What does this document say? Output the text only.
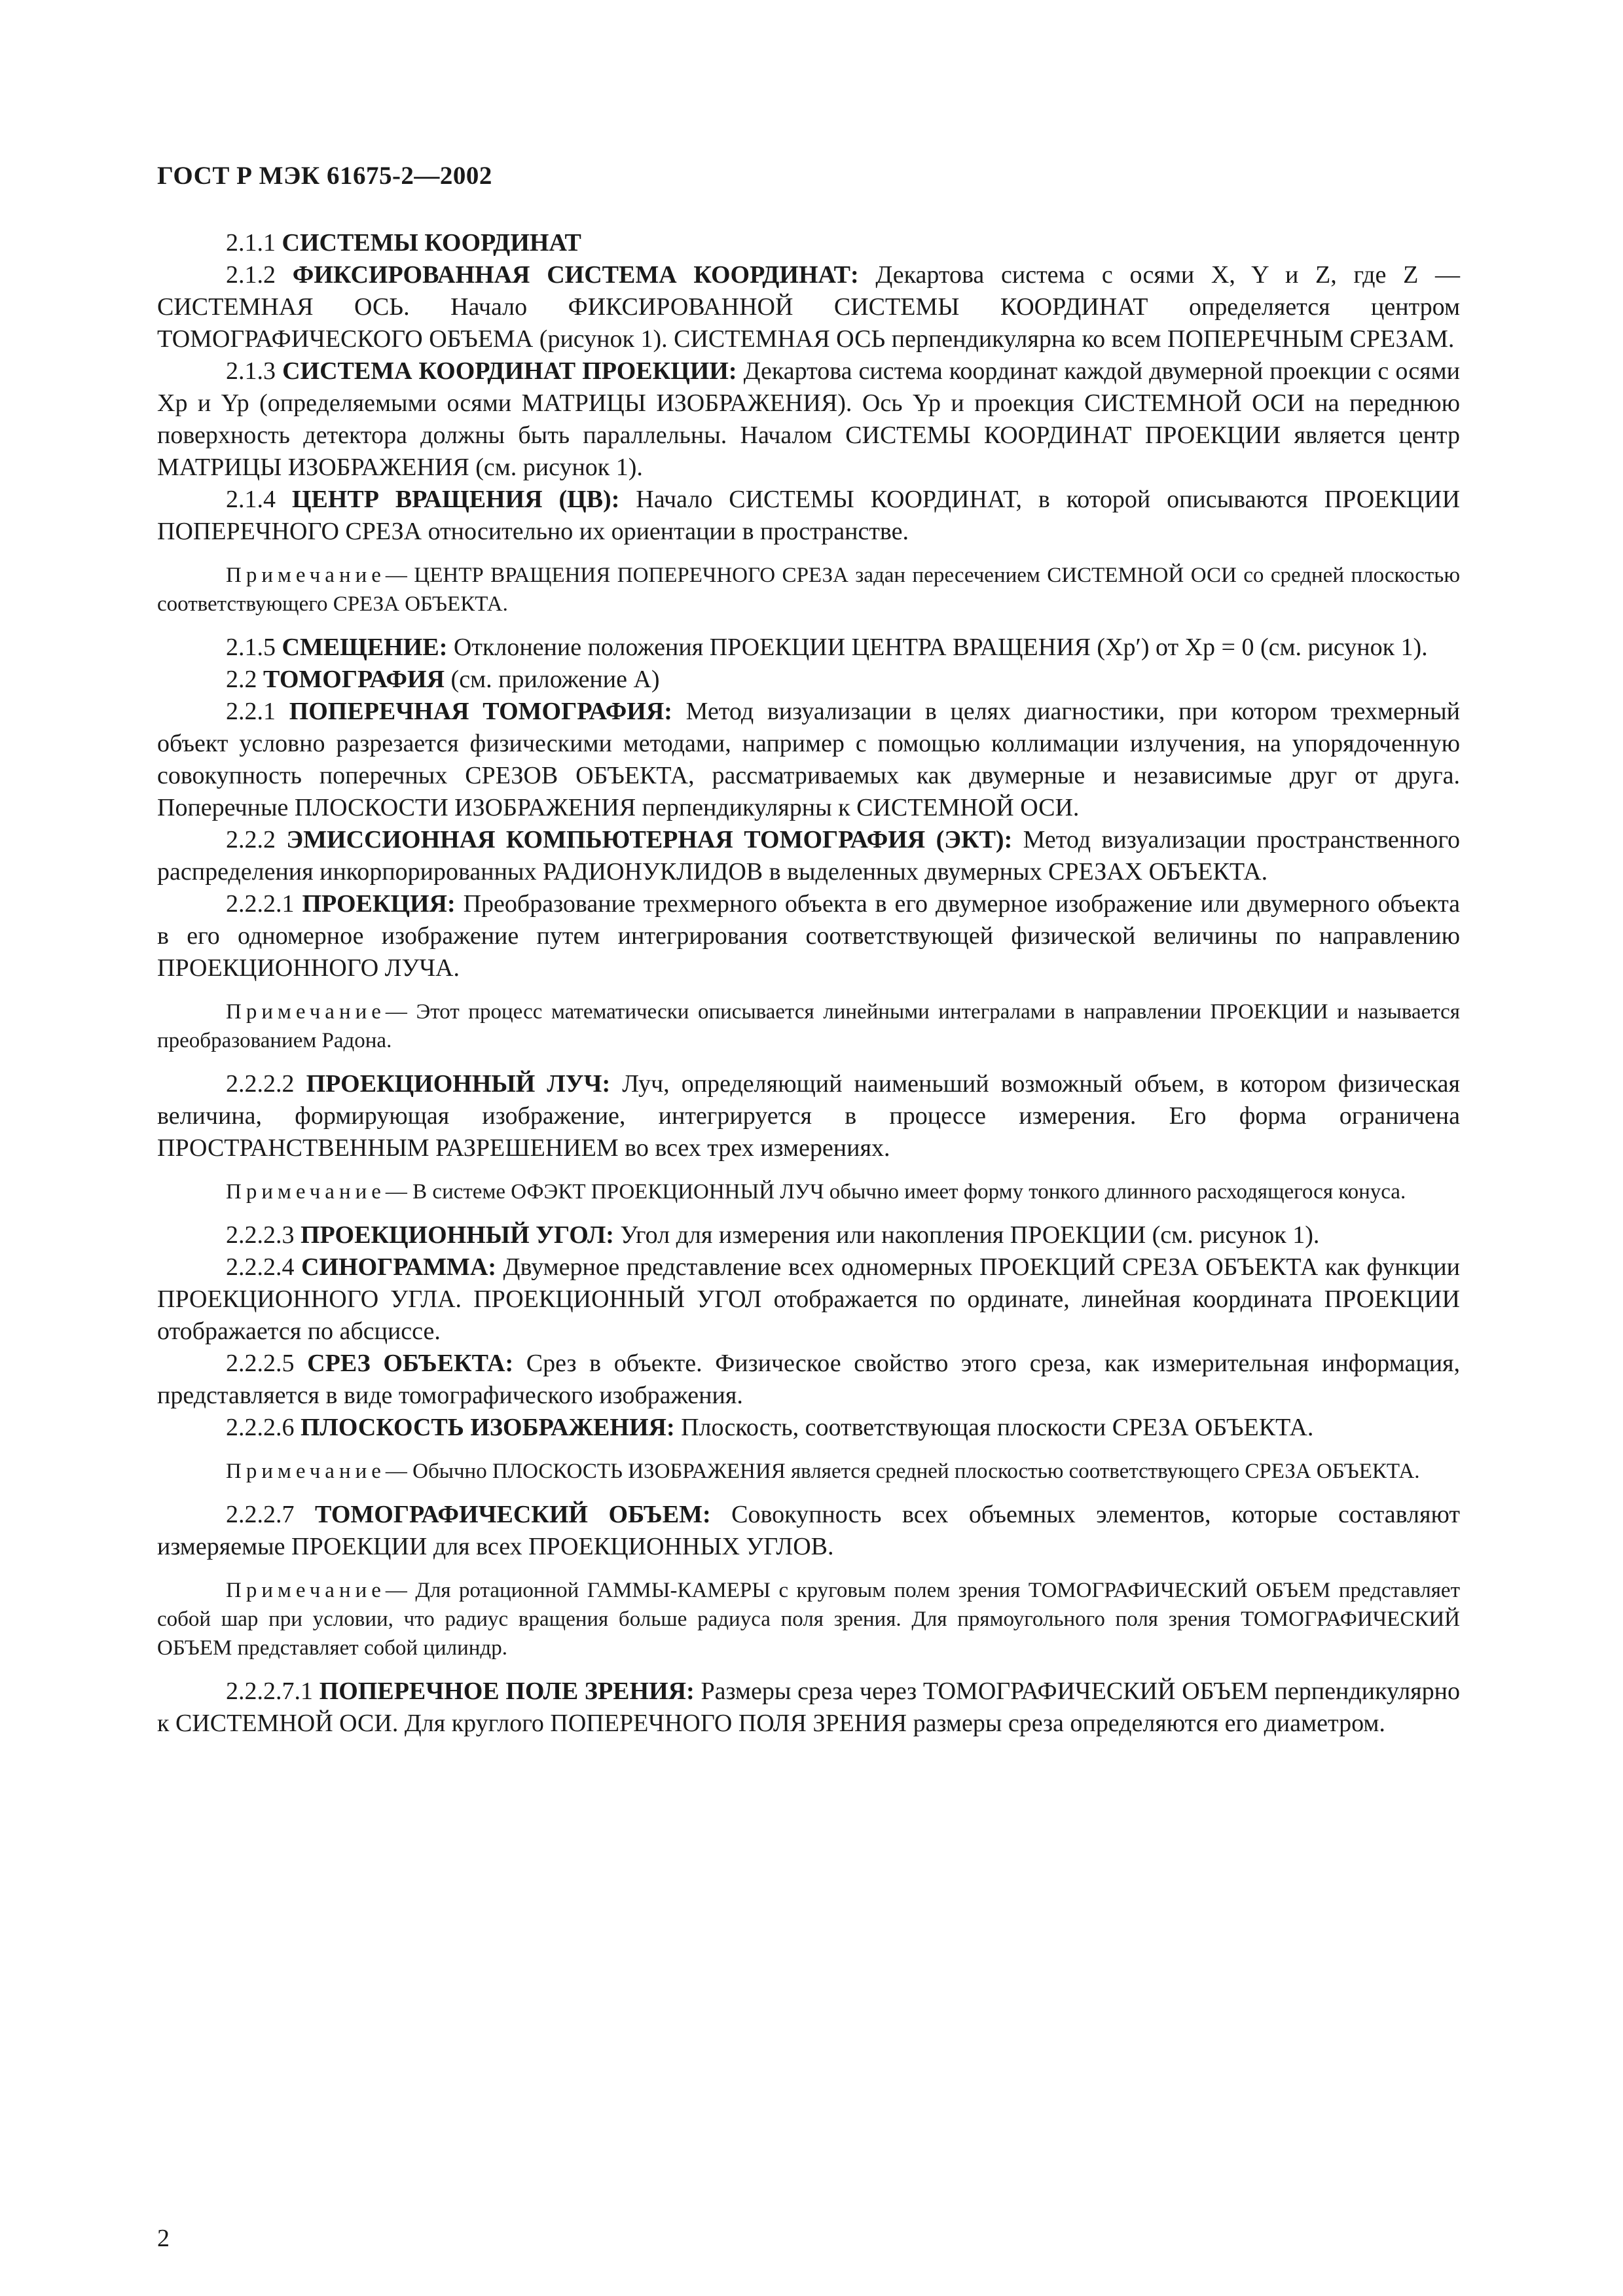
ГОСТ Р МЭК 61675-2—2002

2.1.1 СИСТЕМЫ КООРДИНАТ

2.1.2 ФИКСИРОВАННАЯ СИСТЕМА КООРДИНАТ: Декартова система с осями X, Y и Z, где Z — СИСТЕМНАЯ ОСЬ. Начало ФИКСИРОВАННОЙ СИСТЕМЫ КООРДИНАТ определяется центром ТОМОГРАФИЧЕСКОГО ОБЪЕМА (рисунок 1). СИСТЕМНАЯ ОСЬ перпендикулярна ко всем ПОПЕРЕЧНЫМ СРЕЗАМ.

2.1.3 СИСТЕМА КООРДИНАТ ПРОЕКЦИИ: Декартова система координат каждой двумерной проекции с осями Xp и Yp (определяемыми осями МАТРИЦЫ ИЗОБРАЖЕНИЯ). Ось Yp и проекция СИСТЕМНОЙ ОСИ на переднюю поверхность детектора должны быть параллельны. Началом СИСТЕМЫ КООРДИНАТ ПРОЕКЦИИ является центр МАТРИЦЫ ИЗОБРАЖЕНИЯ (см. рисунок 1).

2.1.4 ЦЕНТР ВРАЩЕНИЯ (ЦВ): Начало СИСТЕМЫ КООРДИНАТ, в которой описываются ПРОЕКЦИИ ПОПЕРЕЧНОГО СРЕЗА относительно их ориентации в пространстве.

Примечание— ЦЕНТР ВРАЩЕНИЯ ПОПЕРЕЧНОГО СРЕЗА задан пересечением СИСТЕМНОЙ ОСИ со средней плоскостью соответствующего СРЕЗА ОБЪЕКТА.

2.1.5 СМЕЩЕНИЕ: Отклонение положения ПРОЕКЦИИ ЦЕНТРА ВРАЩЕНИЯ (Xp′) от Xp = 0 (см. рисунок 1).

2.2 ТОМОГРАФИЯ (см. приложение А)

2.2.1 ПОПЕРЕЧНАЯ ТОМОГРАФИЯ: Метод визуализации в целях диагностики, при котором трехмерный объект условно разрезается физическими методами, например с помощью коллимации излучения, на упорядоченную совокупность поперечных СРЕЗОВ ОБЪЕКТА, рассматриваемых как двумерные и независимые друг от друга. Поперечные ПЛОСКОСТИ ИЗОБРАЖЕНИЯ перпендикулярны к СИСТЕМНОЙ ОСИ.

2.2.2 ЭМИССИОННАЯ КОМПЬЮТЕРНАЯ ТОМОГРАФИЯ (ЭКТ): Метод визуализации пространственного распределения инкорпорированных РАДИОНУКЛИДОВ в выделенных двумерных СРЕЗАХ ОБЪЕКТА.

2.2.2.1 ПРОЕКЦИЯ: Преобразование трехмерного объекта в его двумерное изображение или двумерного объекта в его одномерное изображение путем интегрирования соответствующей физической величины по направлению ПРОЕКЦИОННОГО ЛУЧА.

Примечание— Этот процесс математически описывается линейными интегралами в направлении ПРОЕКЦИИ и называется преобразованием Радона.

2.2.2.2 ПРОЕКЦИОННЫЙ ЛУЧ: Луч, определяющий наименьший возможный объем, в котором физическая величина, формирующая изображение, интегрируется в процессе измерения. Его форма ограничена ПРОСТРАНСТВЕННЫМ РАЗРЕШЕНИЕМ во всех трех измерениях.

Примечание— В системе ОФЭКТ ПРОЕКЦИОННЫЙ ЛУЧ обычно имеет форму тонкого длинного расходящегося конуса.

2.2.2.3 ПРОЕКЦИОННЫЙ УГОЛ: Угол для измерения или накопления ПРОЕКЦИИ (см. рисунок 1).

2.2.2.4 СИНОГРАММА: Двумерное представление всех одномерных ПРОЕКЦИЙ СРЕЗА ОБЪЕКТА как функции ПРОЕКЦИОННОГО УГЛА. ПРОЕКЦИОННЫЙ УГОЛ отображается по ординате, линейная координата ПРОЕКЦИИ отображается по абсциссе.

2.2.2.5 СРЕЗ ОБЪЕКТА: Срез в объекте. Физическое свойство этого среза, как измерительная информация, представляется в виде томографического изображения.

2.2.2.6 ПЛОСКОСТЬ ИЗОБРАЖЕНИЯ: Плоскость, соответствующая плоскости СРЕЗА ОБЪЕКТА.

Примечание— Обычно ПЛОСКОСТЬ ИЗОБРАЖЕНИЯ является средней плоскостью соответствующего СРЕЗА ОБЪЕКТА.

2.2.2.7 ТОМОГРАФИЧЕСКИЙ ОБЪЕМ: Совокупность всех объемных элементов, которые составляют измеряемые ПРОЕКЦИИ для всех ПРОЕКЦИОННЫХ УГЛОВ.

Примечание— Для ротационной ГАММЫ-КАМЕРЫ с круговым полем зрения ТОМОГРАФИЧЕСКИЙ ОБЪЕМ представляет собой шар при условии, что радиус вращения больше радиуса поля зрения. Для прямоугольного поля зрения ТОМОГРАФИЧЕСКИЙ ОБЪЕМ представляет собой цилиндр.

2.2.2.7.1 ПОПЕРЕЧНОЕ ПОЛЕ ЗРЕНИЯ: Размеры среза через ТОМОГРАФИЧЕСКИЙ ОБЪЕМ перпендикулярно к СИСТЕМНОЙ ОСИ. Для круглого ПОПЕРЕЧНОГО ПОЛЯ ЗРЕНИЯ размеры среза определяются его диаметром.

2
